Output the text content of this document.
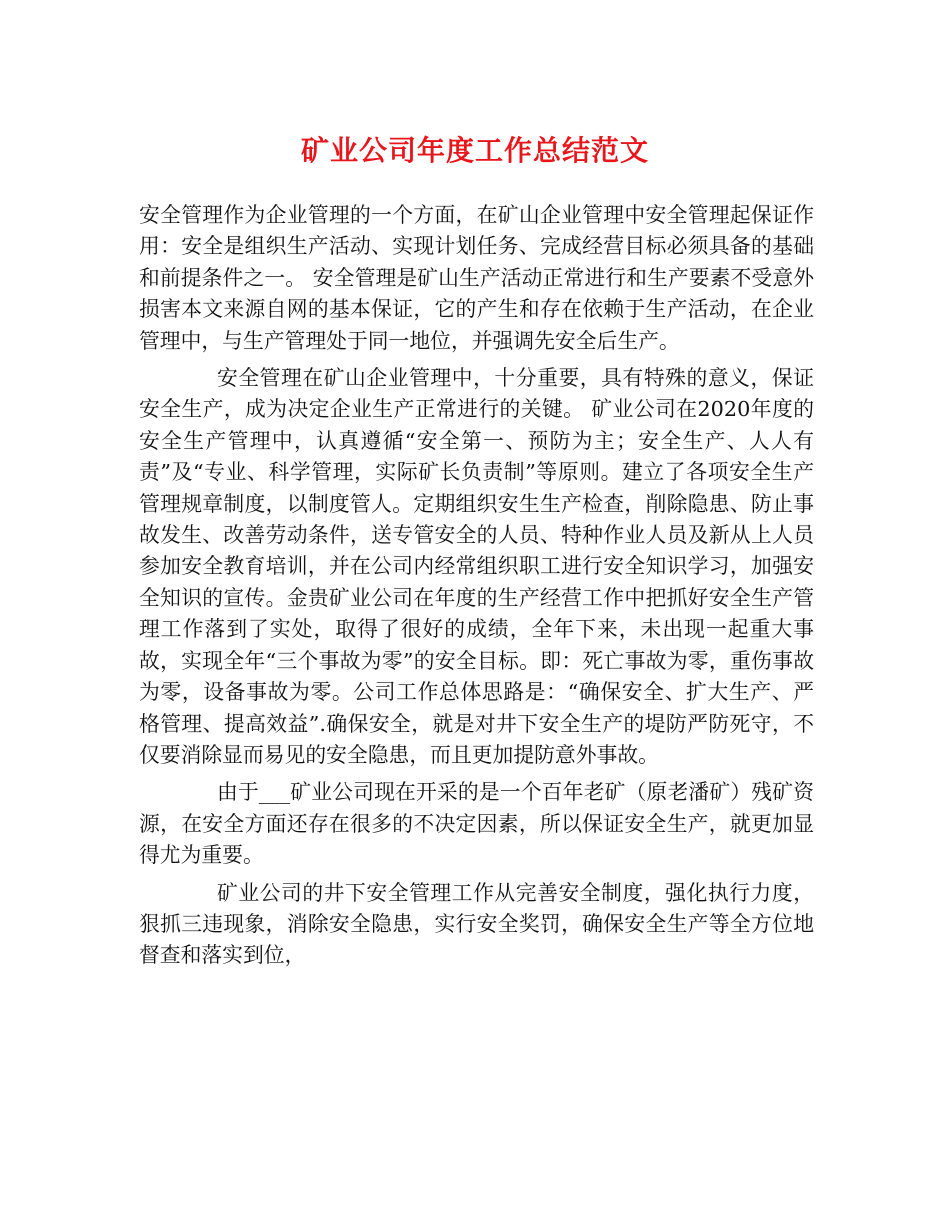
矿业公司年度工作总结范文

安全管理作为企业管理的一个方面，在矿山企业管理中安全管理起保证作用：安全是组织生产活动、实现计划任务、完成经营目标必须具备的基础和前提条件之一。 安全管理是矿山生产活动正常进行和生产要素不受意外损害本文来源自网的基本保证，它的产生和存在依赖于生产活动，在企业管理中，与生产管理处于同一地位，并强调先安全后生产。

安全管理在矿山企业管理中，十分重要，具有特殊的意义，保证安全生产，成为决定企业生产正常进行的关键。 矿业公司在2020年度的安全生产管理中，认真遵循“安全第一、预防为主；安全生产、人人有责”及“专业、科学管理，实际矿长负责制”等原则。建立了各项安全生产管理规章制度，以制度管人。定期组织安生生产检查，削除隐患、防止事故发生、改善劳动条件，送专管安全的人员、特种作业人员及新从上人员参加安全教育培训，并在公司内经常组织职工进行安全知识学习，加强安全知识的宣传。金贵矿业公司在年度的生产经营工作中把抓好安全生产管理工作落到了实处，取得了很好的成绩，全年下来，未出现一起重大事故，实现全年“三个事故为零”的安全目标。即：死亡事故为零，重伤事故为零，设备事故为零。公司工作总体思路是：“确保安全、扩大生产、严格管理、提高效益”.确保安全，就是对井下安全生产的堤防严防死守，不仅要消除显而易见的安全隐患，而且更加提防意外事故。

由于___矿业公司现在开采的是一个百年老矿（原老潘矿）残矿资源，在安全方面还存在很多的不决定因素，所以保证安全生产，就更加显得尤为重要。

矿业公司的井下安全管理工作从完善安全制度，强化执行力度，狠抓三违现象，消除安全隐患，实行安全奖罚，确保安全生产等全方位地督查和落实到位，
